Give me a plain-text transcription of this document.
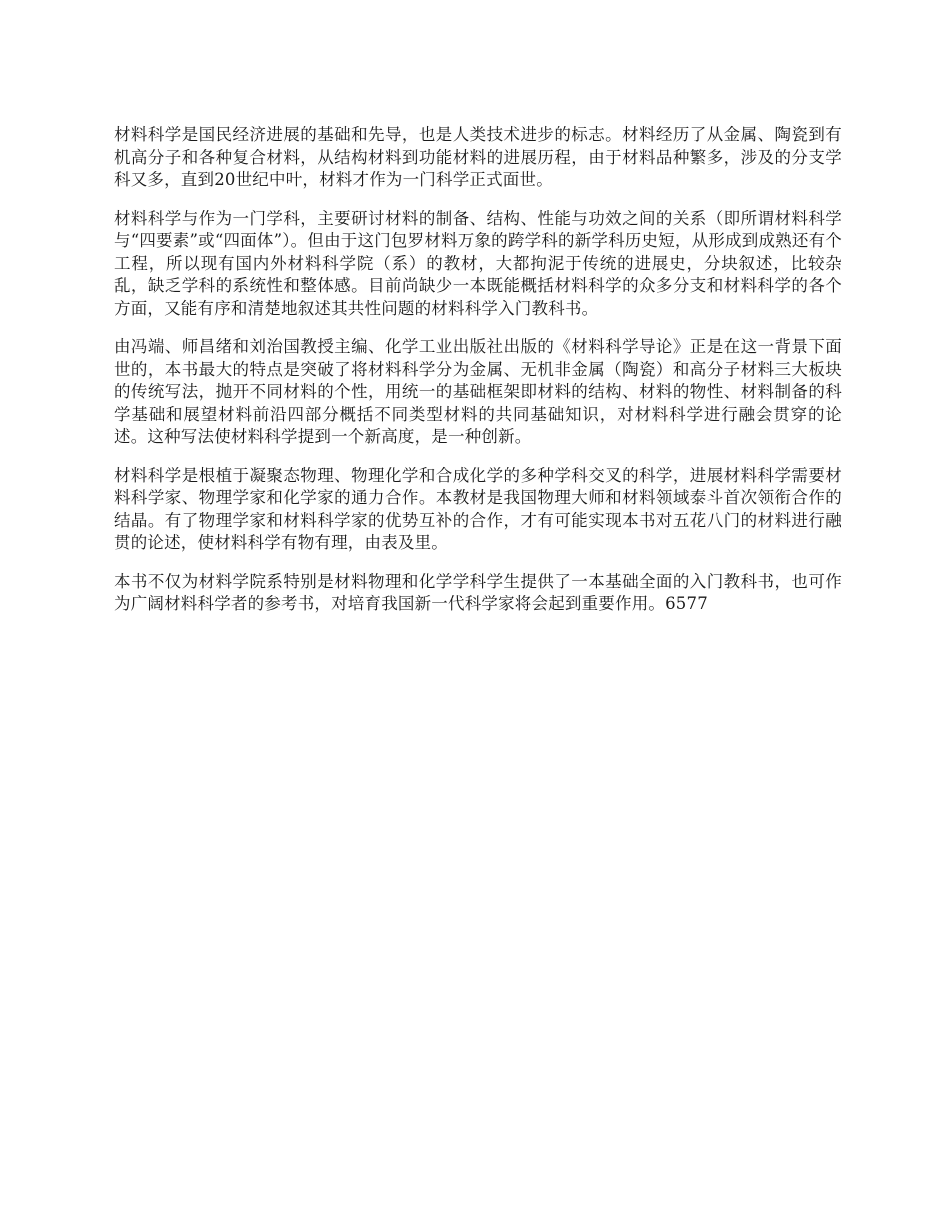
材料科学是国民经济进展的基础和先导，也是人类技术进步的标志。材料经历了从金属、陶瓷到有机高分子和各种复合材料，从结构材料到功能材料的进展历程，由于材料品种繁多，涉及的分支学科又多，直到20世纪中叶，材料才作为一门科学正式面世。

材料科学与作为一门学科，主要研讨材料的制备、结构、性能与功效之间的关系（即所谓材料科学与“四要素”或“四面体”）。但由于这门包罗材料万象的跨学科的新学科历史短，从形成到成熟还有个工程，所以现有国内外材料科学院（系）的教材，大都拘泥于传统的进展史，分块叙述，比较杂乱，缺乏学科的系统性和整体感。目前尚缺少一本既能概括材料科学的众多分支和材料科学的各个方面，又能有序和清楚地叙述其共性问题的材料科学入门教科书。

由冯端、师昌绪和刘治国教授主编、化学工业出版社出版的《材料科学导论》正是在这一背景下面世的，本书最大的特点是突破了将材料科学分为金属、无机非金属（陶瓷）和高分子材料三大板块的传统写法，抛开不同材料的个性，用统一的基础框架即材料的结构、材料的物性、材料制备的科学基础和展望材料前沿四部分概括不同类型材料的共同基础知识，对材料科学进行融会贯穿的论述。这种写法使材料科学提到一个新高度，是一种创新。

材料科学是根植于凝聚态物理、物理化学和合成化学的多种学科交叉的科学，进展材料科学需要材料科学家、物理学家和化学家的通力合作。本教材是我国物理大师和材料领域泰斗首次领衔合作的结晶。有了物理学家和材料科学家的优势互补的合作，才有可能实现本书对五花八门的材料进行融贯的论述，使材料科学有物有理，由表及里。

本书不仅为材料学院系特别是材料物理和化学学科学生提供了一本基础全面的入门教科书，也可作为广阔材料科学者的参考书，对培育我国新一代科学家将会起到重要作用。6577
